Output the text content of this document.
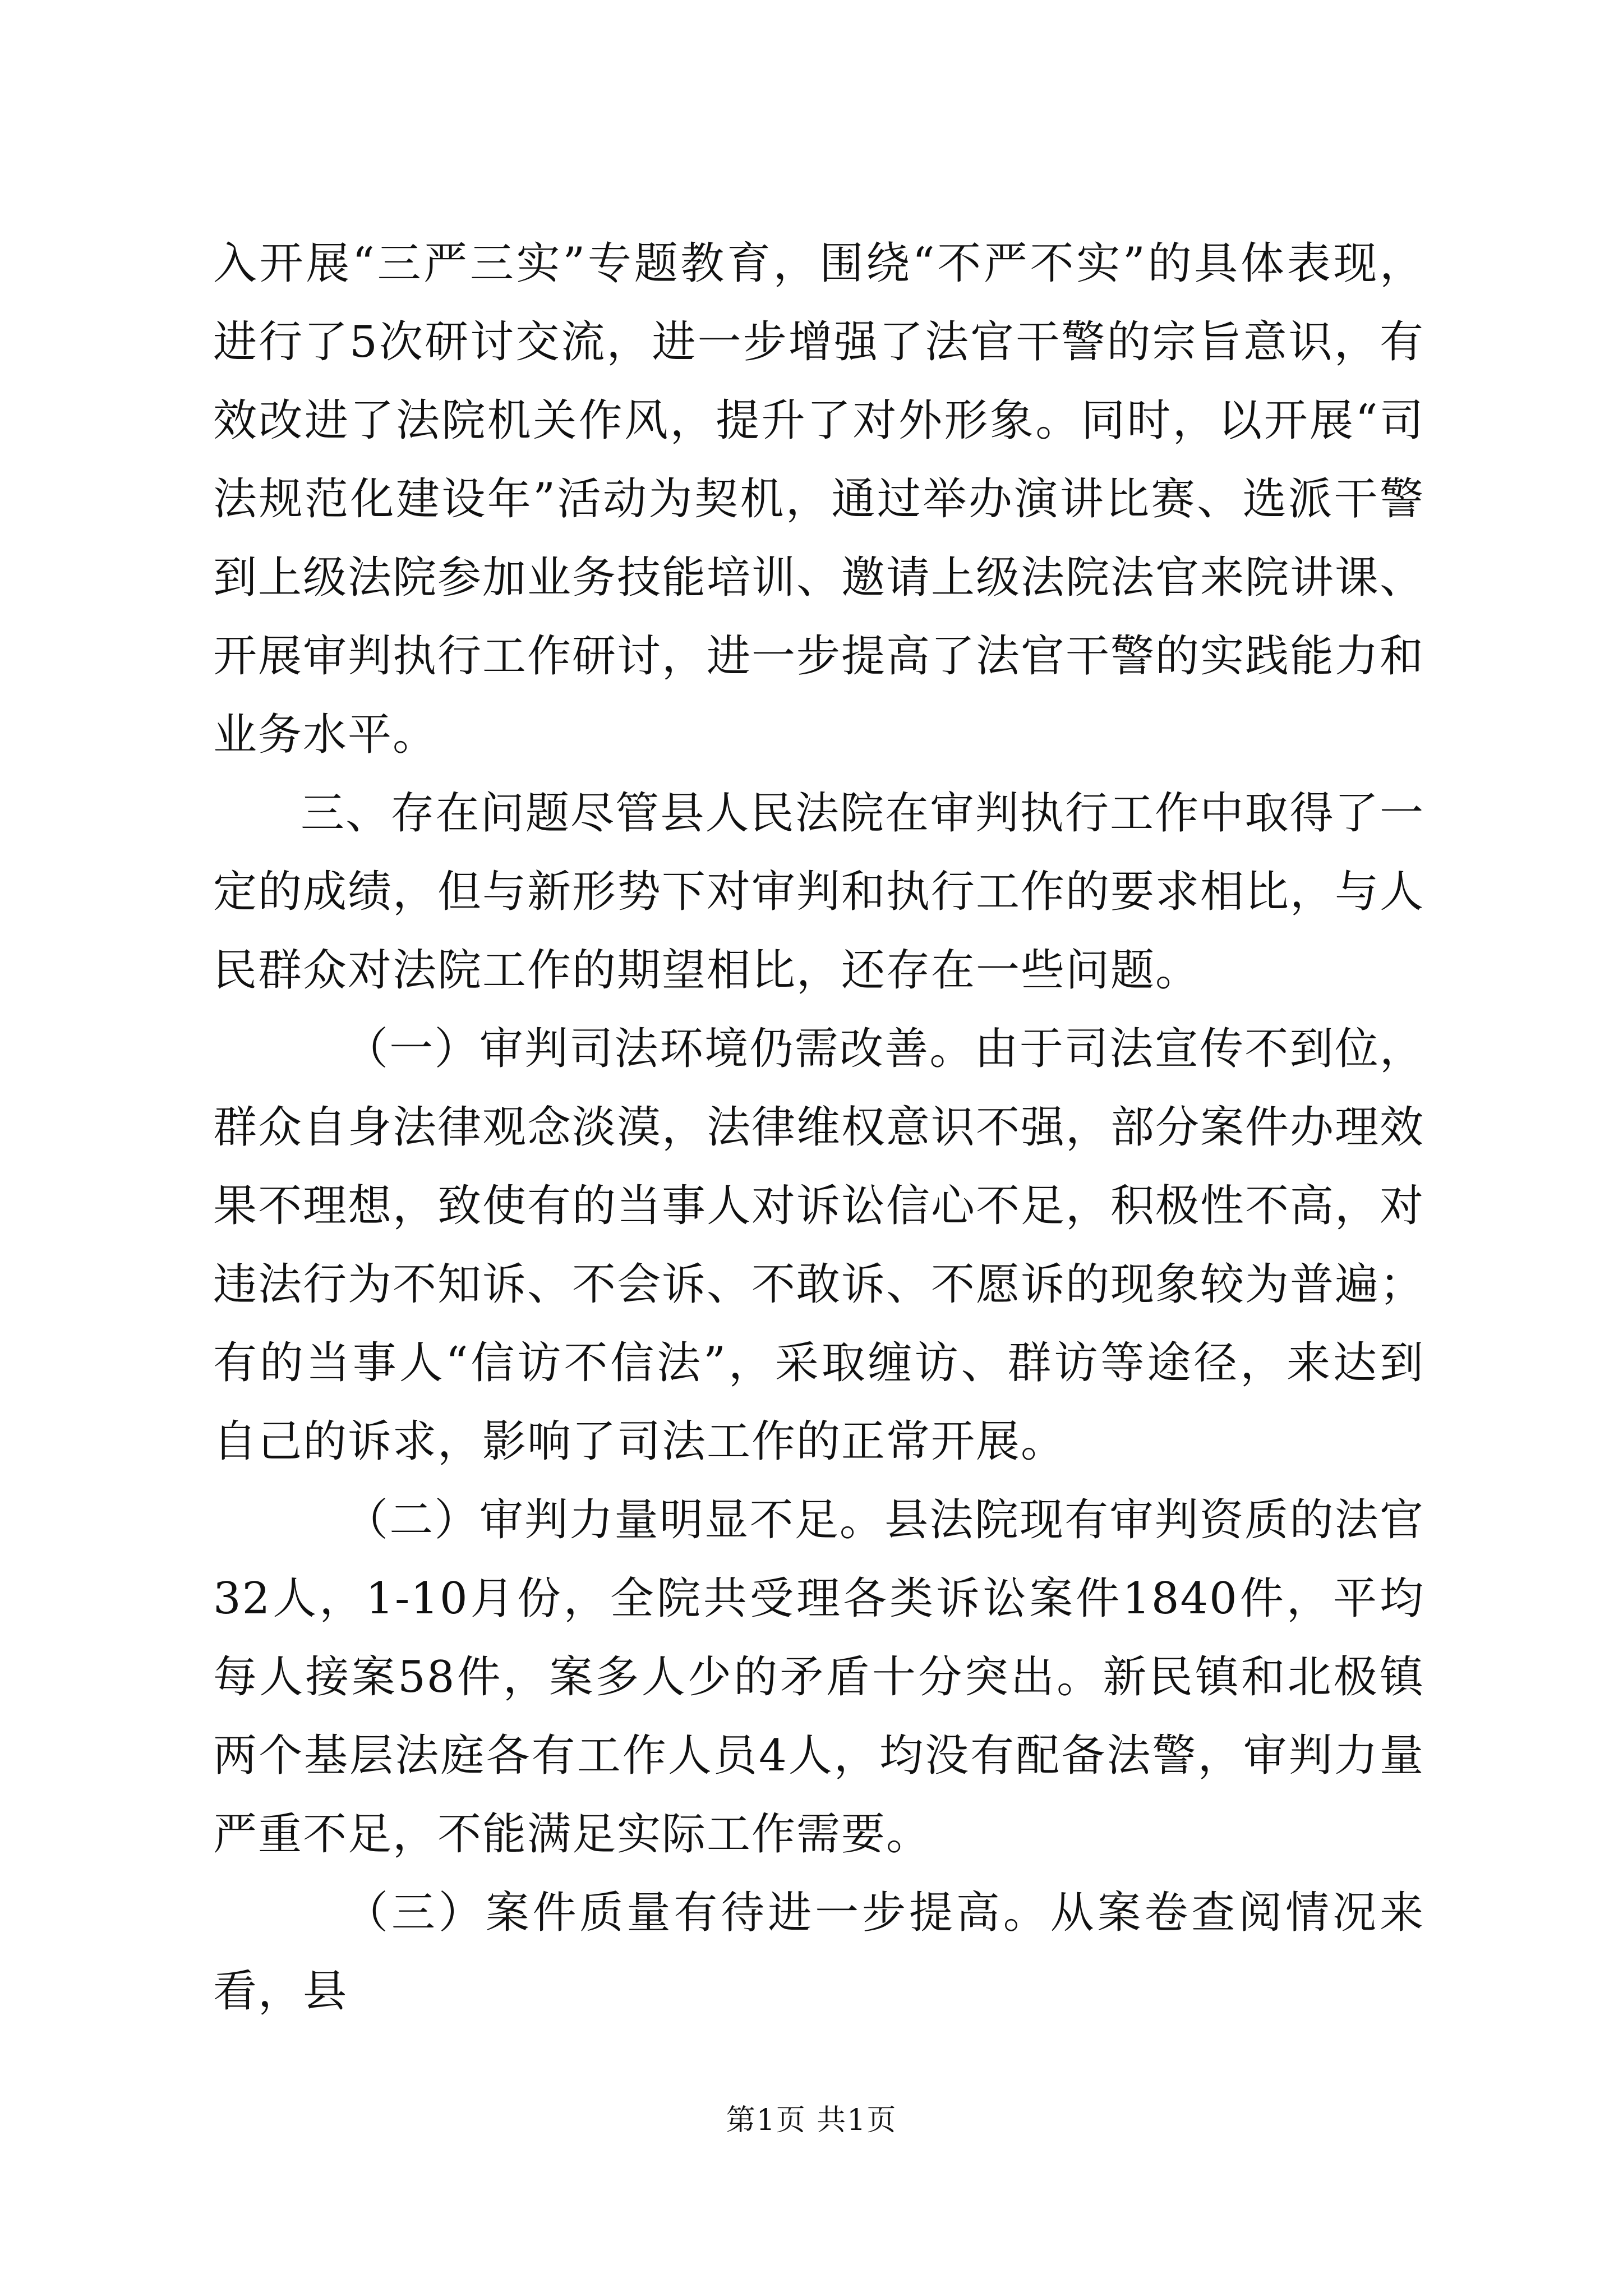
入开展“三严三实”专题教育，围绕“不严不实”的具体表现，进行了5次研讨交流，进一步增强了法官干警的宗旨意识，有效改进了法院机关作风，提升了对外形象。同时，以开展“司法规范化建设年”活动为契机，通过举办演讲比赛、选派干警到上级法院参加业务技能培训、邀请上级法院法官来院讲课、开展审判执行工作研讨，进一步提高了法官干警的实践能力和业务水平。

三、存在问题尽管县人民法院在审判执行工作中取得了一定的成绩，但与新形势下对审判和执行工作的要求相比，与人民群众对法院工作的期望相比，还存在一些问题。

（一）审判司法环境仍需改善。由于司法宣传不到位，群众自身法律观念淡漠，法律维权意识不强，部分案件办理效果不理想，致使有的当事人对诉讼信心不足，积极性不高，对违法行为不知诉、不会诉、不敢诉、不愿诉的现象较为普遍；有的当事人“信访不信法”，采取缠访、群访等途径，来达到自己的诉求，影响了司法工作的正常开展。

（二）审判力量明显不足。县法院现有审判资质的法官32人，1-10月份，全院共受理各类诉讼案件1840件，平均每人接案58件，案多人少的矛盾十分突出。新民镇和北极镇两个基层法庭各有工作人员4人，均没有配备法警，审判力量严重不足，不能满足实际工作需要。

（三）案件质量有待进一步提高。从案卷查阅情况来看，县

第1页 共1页
